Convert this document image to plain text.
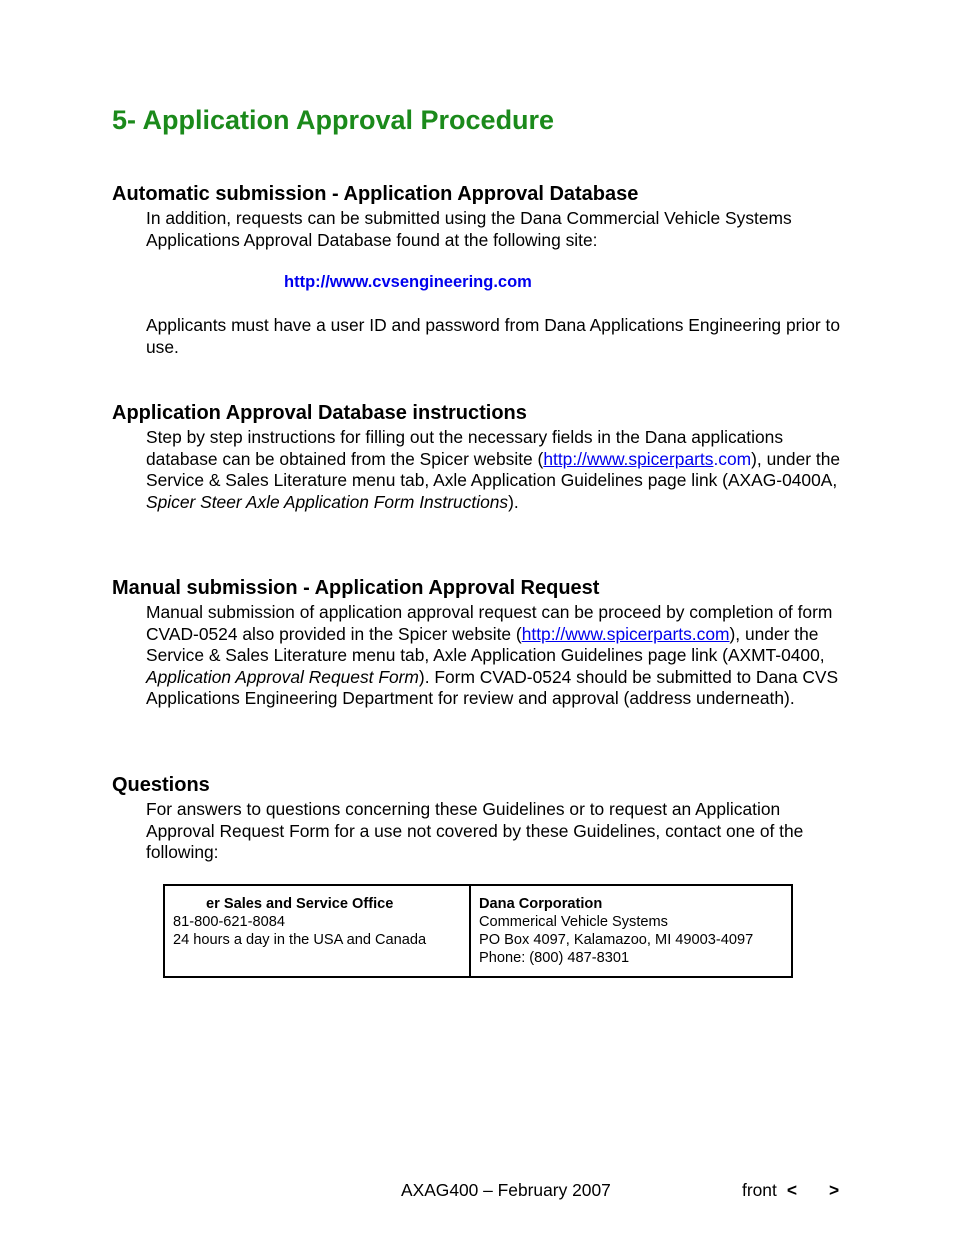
5- Application Approval Procedure
Automatic submission - Application Approval Database

In addition, requests can be submitted using the Dana Commercial Vehicle Systems Applications Approval Database found at the following site:

http://www.cvsengineering.com

Applicants must have a user ID and password from Dana Applications Engineering prior to use.

Application Approval Database instructions

Step by step instructions for filling out the necessary fields in the Dana applications database can be obtained from the Spicer website (http://www.spicerparts.com), under the Service & Sales Literature menu tab, Axle Application Guidelines page link (AXAG-0400A, Spicer Steer Axle Application Form Instructions).

Manual submission - Application Approval Request

Manual submission of application approval request can be proceed by completion of form CVAD-0524 also provided in the Spicer website (http://www.spicerparts.com), under the Service & Sales Literature menu tab, Axle Application Guidelines page link (AXMT-0400, Application Approval Request Form). Form CVAD-0524 should be submitted to Dana CVS Applications Engineering Department for review and approval (address underneath).

Questions

For answers to questions concerning these Guidelines or to request an Application Approval Request Form for a use not covered by these Guidelines, contact one of the following:

er Sales and Service Office
81-800-621-8084
24 hours a day in the USA and Canada
Dana Corporation
Commerical Vehicle Systems
PO Box 4097, Kalamazoo, MI 49003-4097
Phone: (800) 487-8301
AXAG400 – February 2007	front < >
